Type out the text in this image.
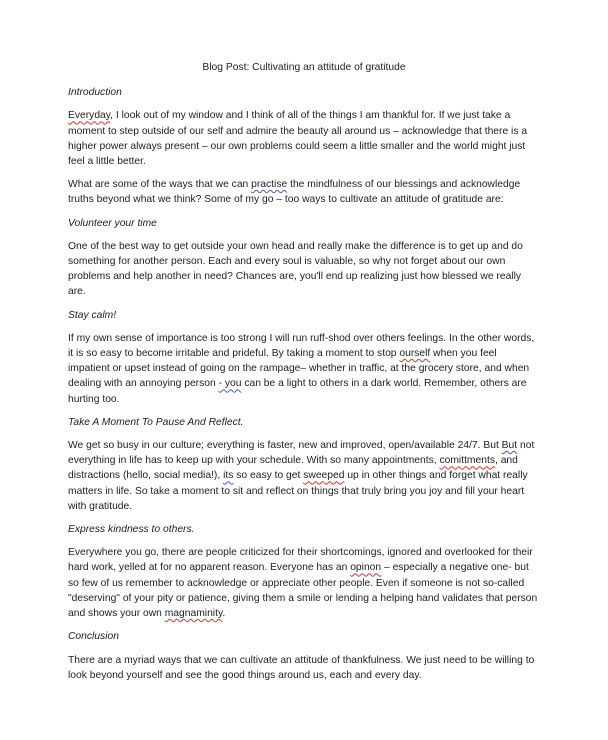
Blog Post: Cultivating an attitude of gratitude
Introduction

Everyday, I look out of my window and I think of all of the things I am thankful for. If we just take a moment to step outside of our self and admire the beauty all around us – acknowledge that there is a higher power always present – our own problems could seem a little smaller and the world might just feel a little better.

What are some of the ways that we can practise the mindfulness of our blessings and acknowledge truths beyond what we think? Some of my go – too ways to cultivate an attitude of gratitude are:

Volunteer your time

One of the best way to get outside your own head and really make the difference is to get up and do something for another person. Each and every soul is valuable, so why not forget about our own problems and help another in need? Chances are, you'll end up realizing just how blessed we really are.

Stay calm!

If my own sense of importance is too strong I will run ruff-shod over others feelings. In the other words, it is so easy to become irritable and prideful. By taking a moment to stop ourself when you feel impatient or upset instead of going on the rampage– whether in traffic, at the grocery store, and when dealing with an annoying person - you can be a light to others in a dark world. Remember, others are hurting too.

Take A Moment To Pause And Reflect.

We get so busy in our culture; everything is faster, new and improved, open/available 24/7. But But not everything in life has to keep up with your schedule. With so many appointments, comittments, and distractions (hello, social media!), its so easy to get sweeped up in other things and forget what really matters in life. So take a moment to sit and reflect on things that truly bring you joy and fill your heart with gratitude.

Express kindness to others.

Everywhere you go, there are people criticized for their shortcomings, ignored and overlooked for their hard work, yelled at for no apparent reason. Everyone has an opinon – especially a negative one- but so few of us remember to acknowledge or appreciate other people. Even if someone is not so-called "deserving" of your pity or patience, giving them a smile or lending a helping hand validates that person and shows your own magnaminity.

Conclusion

There are a myriad ways that we can cultivate an attitude of thankfulness. We just need to be willing to look beyond yourself and see the good things around us, each and every day.
